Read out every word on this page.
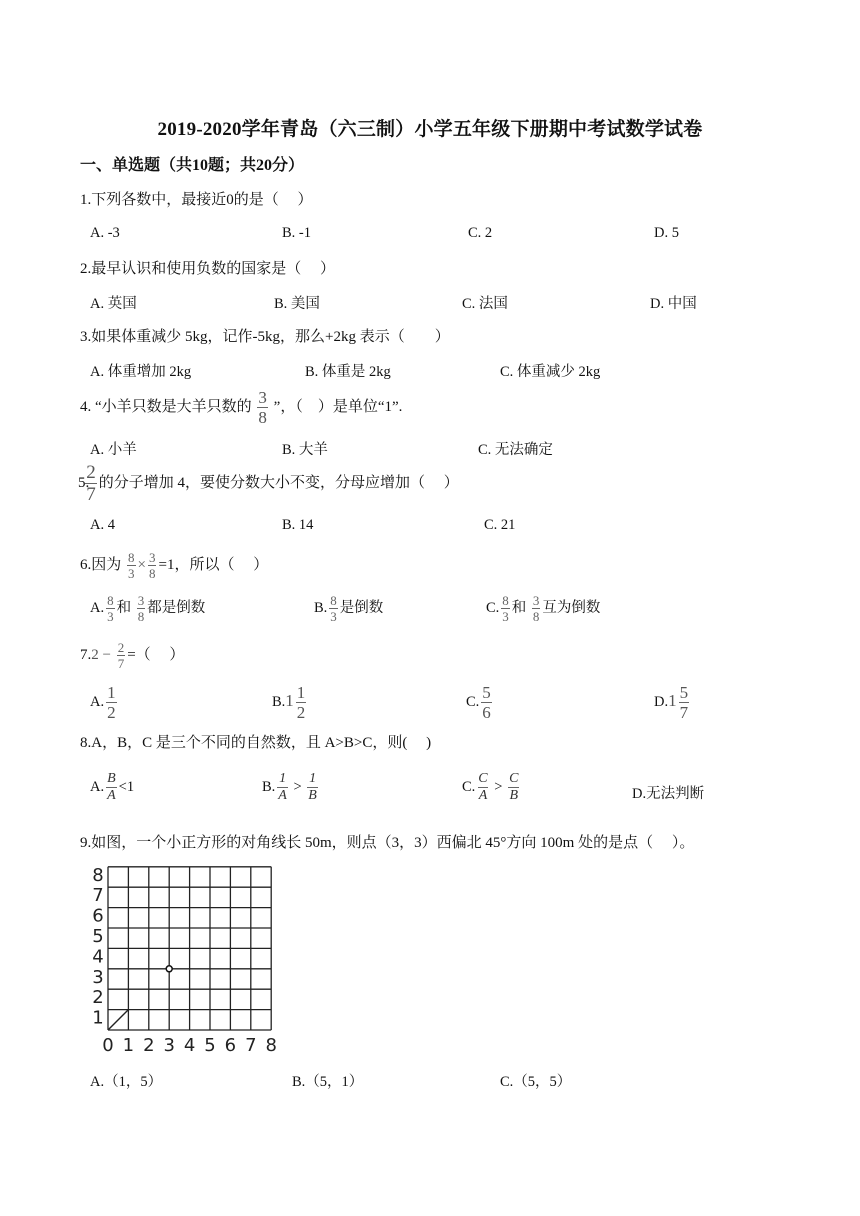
2019-2020学年青岛（六三制）小学五年级下册期中考试数学试卷
一、单选题（共10题；共20分）
1.下列各数中，最接近0的是（　 ）
A. -3	B. -1	C. 2	D. 5
2.最早认识和使用负数的国家是（　 ）
A. 英国	B. 美国	C. 法国	D. 中国
3.如果体重减少 5kg，记作-5kg，那么+2kg 表示（　　）
A. 体重增加 2kg	B. 体重是 2kg	C. 体重减少 2kg
4. “小羊只数是大羊只数的 $\frac{3}{8}$ ”，（　）是单位“1”.
A. 小羊	B. 大羊	C. 无法确定
5.
$\frac{2}{7}$ 的分子增加 4，要使分数大小不变，分母应增加（　 ）
A. 4	B. 14	C. 21
6.因为 $\frac{8}{3} \times \frac{3}{8} =1$，所以（　 ）
A. $\frac{8}{3}$ 和 $\frac{3}{8}$ 都是倒数	B. $\frac{8}{3}$ 是倒数	C. $\frac{8}{3}$ 和 $\frac{3}{8}$ 互为倒数
$7.2 - \frac{2}{7}$ =（　 ）
A. $\frac{1}{2}$	$B.1 \frac{1}{2}$	C. $\frac{5}{6}$	$D.1 \frac{5}{7}$
8.A，B，C 是三个不同的自然数，且 A>B>C，则(　 )
A. $\frac{B}{A} <1$	B. $\frac{1}{A} > \frac{1}{B}$	C. $\frac{C}{A} > \frac{C}{B}$	D.无法判断
9.如图，一个小正方形的对角线长 50m，则点（3，3）西偏北 45°方向 100m 处的是点（　 ）。
0 1 2 3 4 5 6 7 8
1
2
3
4
5
6
7
8
A.（1，5）	B.（5，1）	C.（5，5）
